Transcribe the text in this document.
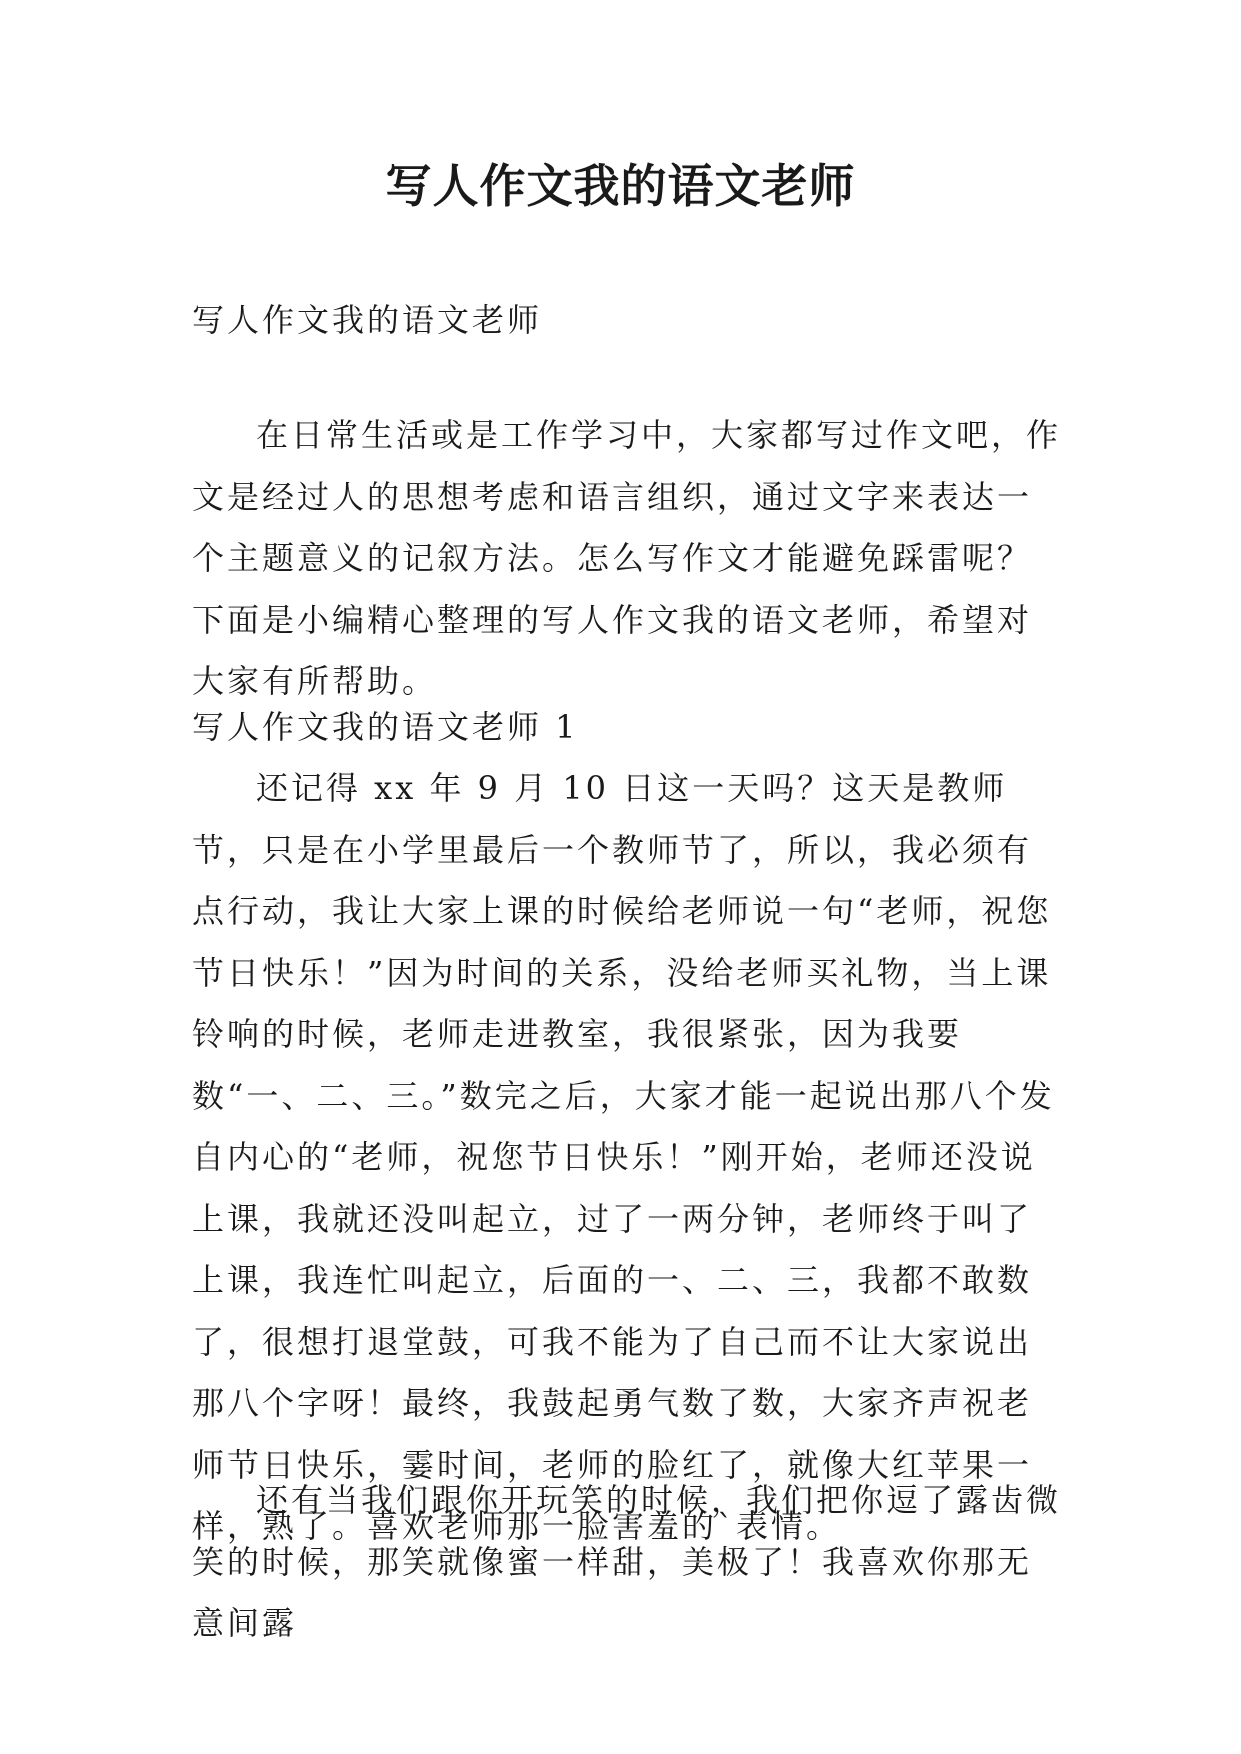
写人作文我的语文老师
写人作文我的语文老师

在日常生活或是工作学习中，大家都写过作文吧，作文是经过人的思想考虑和语言组织，通过文字来表达一个主题意义的记叙方法。怎么写作文才能避免踩雷呢？下面是小编精心整理的写人作文我的语文老师，希望对大家有所帮助。

写人作文我的语文老师 1

还记得 xx 年 9 月 10 日这一天吗？这天是教师节，只是在小学里最后一个教师节了，所以，我必须有点行动，我让大家上课的时候给老师说一句“老师，祝您节日快乐！”因为时间的关系，没给老师买礼物，当上课铃响的时候，老师走进教室，我很紧张，因为我要数“一、二、三。”数完之后，大家才能一起说出那八个发自内心的“老师，祝您节日快乐！”刚开始，老师还没说上课，我就还没叫起立，过了一两分钟，老师终于叫了上课，我连忙叫起立，后面的一、二、三，我都不敢数了，很想打退堂鼓，可我不能为了自己而不让大家说出那八个字呀！最终，我鼓起勇气数了数，大家齐声祝老师节日快乐，霎时间，老师的脸红了，就像大红苹果一样，熟了。喜欢老师那一脸害羞的`表情。

还有当我们跟你开玩笑的时候，我们把你逗了露齿微笑的时候，那笑就像蜜一样甜，美极了！我喜欢你那无意间露
